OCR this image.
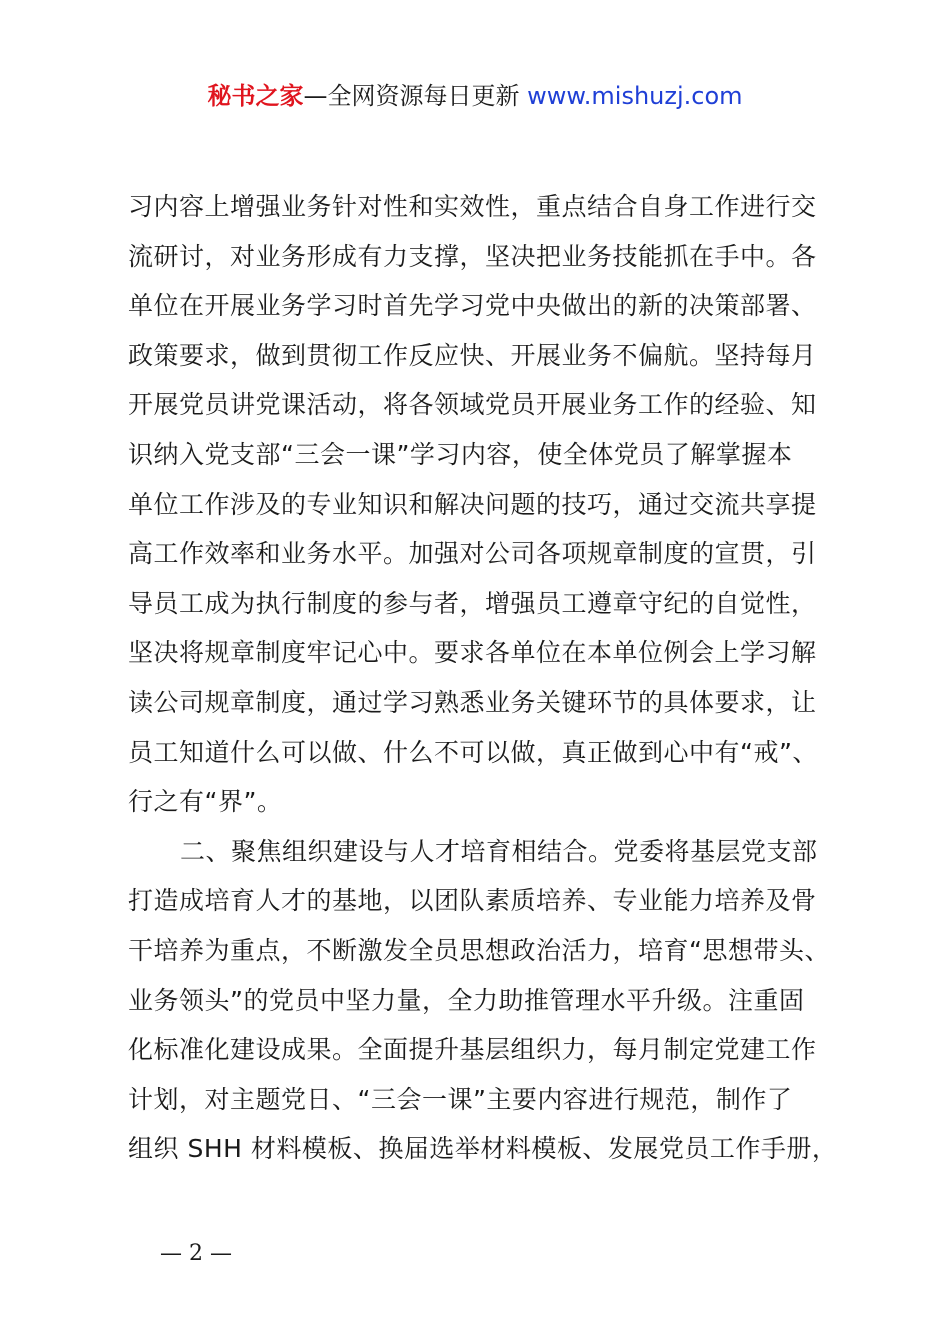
秘书之家—全网资源每日更新 www.mishuzj.com
习内容上增强业务针对性和实效性，重点结合自身工作进行交
流研讨，对业务形成有力支撑，坚决把业务技能抓在手中。各
单位在开展业务学习时首先学习党中央做出的新的决策部署、
政策要求，做到贯彻工作反应快、开展业务不偏航。坚持每月
开展党员讲党课活动，将各领域党员开展业务工作的经验、知
识纳入党支部“三会一课”学习内容，使全体党员了解掌握本
单位工作涉及的专业知识和解决问题的技巧，通过交流共享提
高工作效率和业务水平。加强对公司各项规章制度的宣贯，引
导员工成为执行制度的参与者，增强员工遵章守纪的自觉性，
坚决将规章制度牢记心中。要求各单位在本单位例会上学习解
读公司规章制度，通过学习熟悉业务关键环节的具体要求，让
员工知道什么可以做、什么不可以做，真正做到心中有“戒”、
行之有“界”。
二、聚焦组织建设与人才培育相结合。党委将基层党支部
打造成培育人才的基地，以团队素质培养、专业能力培养及骨
干培养为重点，不断激发全员思想政治活力，培育“思想带头、
业务领头”的党员中坚力量，全力助推管理水平升级。注重固
化标准化建设成果。全面提升基层组织力，每月制定党建工作
计划，对主题党日、“三会一课”主要内容进行规范，制作了
组织 SHH 材料模板、换届选举材料模板、发展党员工作手册，
— 2 —
